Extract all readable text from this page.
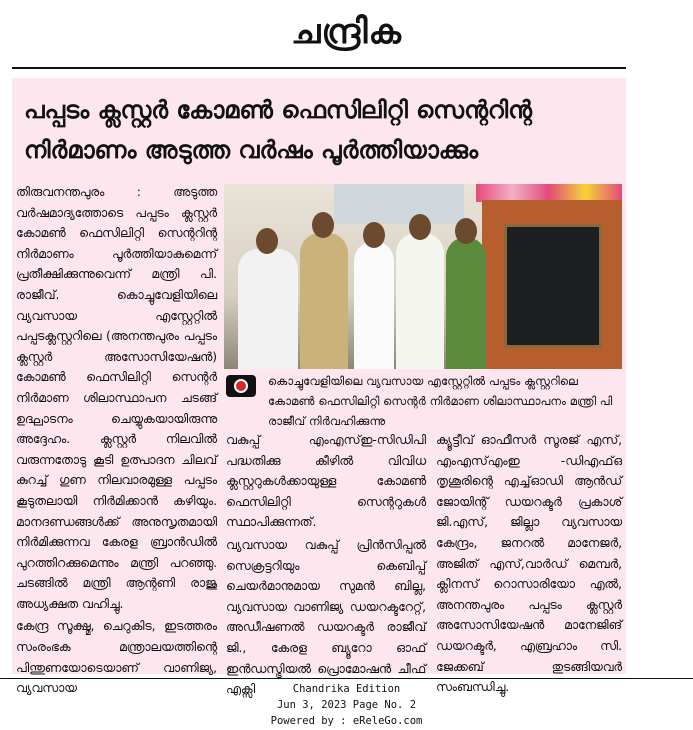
ചന്ദ്രിക
പപ്പടം ക്ലസ്റ്റർ കോമൺ ഫെസിലിറ്റി സെന്ററിന്റ നിർമാണം അടുത്ത വർഷം പൂർത്തിയാക്കും

തിരുവനന്തപുരം : അടുത്ത വർഷമാദ്യത്തോടെ പപ്പടം ക്ലസ്റ്റർ കോമൺ ഫെസിലിറ്റി സെന്ററിന്റ നിർമാണം പൂർത്തിയാകുമെന്ന് പ്രതീക്ഷിക്കുന്നുവെന്ന് മന്ത്രി പി. രാജീവ്. കൊച്ചുവേളിയിലെ വ്യവസായ എസ്റ്റേറ്റിൽ പപ്പടക്ലസ്റ്ററിലെ (അനന്തപുരം പപ്പടം ക്ലസ്റ്റർ അസോസിയേഷൻ) കോമൺ ഫെസിലിറ്റി സെന്റർ നിർമാണ ശിലാസ്ഥാപന ചടങ്ങ് ഉദ്ഘാടനം ചെയ്യുകയായിരുന്നു അദ്ദേഹം. ക്ലസ്റ്റർ നിലവിൽ വരുന്നതോടു കൂടി ഉത്പാദന ചിലവ് കുറച്ച് ഗുണ നിലവാരമുള്ള പപ്പടം കൂടുതലായി നിർമിക്കാൻ കഴിയും. മാനദണ്ഡങ്ങൾക്ക് അനുസൃതമായി നിർമിക്കുന്നവ കേരള ബ്രാൻഡിൽ പുറത്തിറക്കുമെന്നും മന്ത്രി പറഞ്ഞു. ചടങ്ങിൽ മന്ത്രി ആന്റണി രാജു അധ്യക്ഷത വഹിച്ചു.

കേന്ദ്ര സൂക്ഷ്മ, ചെറുകിട, ഇടത്തരം സംരംഭക മന്ത്രാലയത്തിന്റെ പിന്തുണയോടെയാണ് വാണിജ്യ, വ്യവസായ

കൊച്ചുവേളിയിലെ വ്യവസായ എസ്റ്റേറ്റിൽ പപ്പടം ക്ലസ്റ്ററിലെ കോമൺ ഫെസിലിറ്റി സെന്റർ നിർമാണ ശിലാസ്ഥാപനം മന്ത്രി പി രാജീവ് നിർവഹിക്കുന്നു

വകുപ്പ് എംഎസ്ഇ-സിഡിപി പദ്ധതിക്കു കീഴിൽ വിവിധ ക്ലസ്റ്ററുകൾക്കായുള്ള കോമൺ ഫെസിലിറ്റി സെന്ററുകൾ സ്ഥാപിക്കുന്നത്.

വ്യവസായ വകുപ്പ് പ്രിൻസിപ്പൽ സെക്രട്ടറിയും കെബിപ്പ് ചെയർമാനുമായ സുമൻ ബില്ല, വ്യവസായ വാണിജ്യ ഡയറക്ടറേറ്റ്, അഡീഷണൽ ഡയറക്ടർ രാജീവ് ജി., കേരള ബ്യൂറോ ഓഫ് ഇൻഡസ്ട്രിയൽ പ്രൊമോഷൻ ചീഫ് എക്സി

ക്യൂട്ടീവ് ഓഫീസർ സൂരജ് എസ്, എംഎസ്എംഇ -ഡിഎഫ്ഒ തൃശൂരിന്റെ എച്ച്ഓഡി ആൻഡ് ജോയിന്റ് ഡയറക്ടർ പ്രകാശ് ജി.എസ്, ജില്ലാ വ്യവസായ കേന്ദ്രം, ജനറൽ മാനേജർ, അജിത് എസ്,വാർഡ് മെമ്പർ, ക്ലിനസ് റൊസാരിയോ എൽ, അനന്തപുരം പപ്പടം ക്ലസ്റ്റർ അസോസിയേഷൻ മാനേജിങ് ഡയറക്ടർ, എബ്രഹാം സി. ജേക്കബ് തുടങ്ങിയവർ സംബന്ധിച്ചു.

Chandrika Edition
Jun 3, 2023 Page No. 2
Powered by : eReleGo.com
